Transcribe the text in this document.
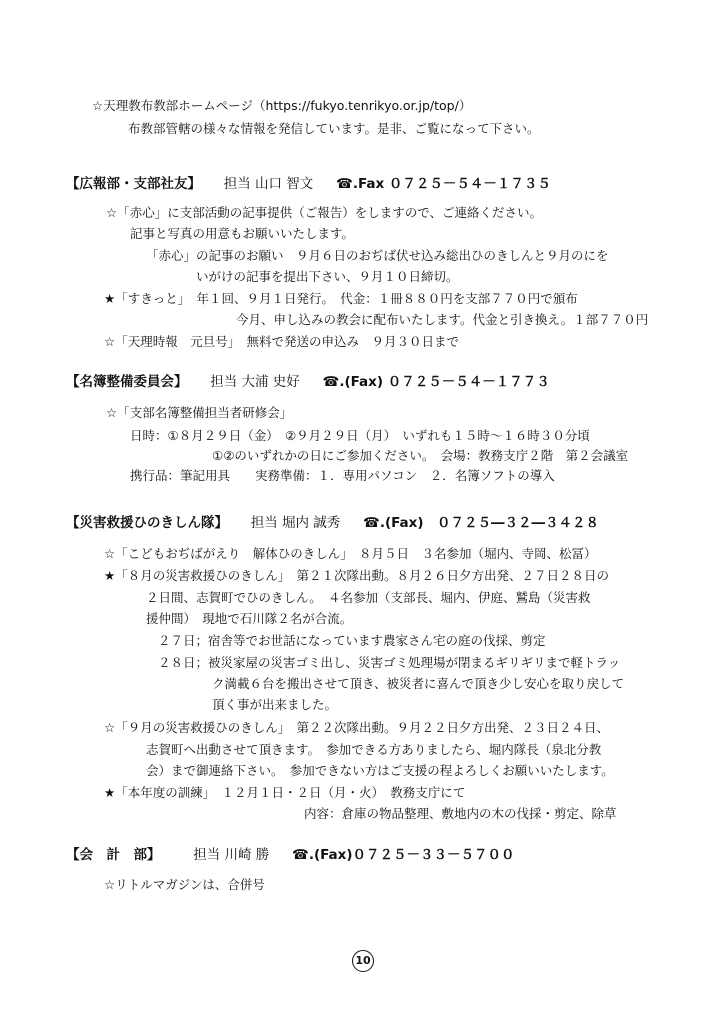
☆天理教布教部ホームページ（https://fukyo.tenrikyo.or.jp/top/）
布教部管轄の様々な情報を発信しています。是非、ご覧になって下さい。
【広報部・支部社友】 担当 山口 智文 ☎.Fax ０７２５－５４－１７３５
☆「赤心」に支部活動の記事提供（ご報告）をしますので、ご連絡ください。
記事と写真の用意もお願いいたします。
「赤心」の記事のお願い　９月６日のおぢば伏せ込み総出ひのきしんと９月のにを
いがけの記事を提出下さい、９月１０日締切。
★「すきっと」　年１回、９月１日発行。　代金：１冊８８０円を支部７７０円で頒布
今月、申し込みの教会に配布いたします。代金と引き換え。１部７７０円
☆「天理時報　元旦号」　無料で発送の申込み　９月３０日まで
【名簿整備委員会】 担当 大浦 史好 ☎.(Fax) ０７２５－５４－１７７３
☆「支部名簿整備担当者研修会」
日時：①８月２９日（金）　②９月２９日（月）　いずれも１５時～１６時３０分頃
①②のいずれかの日にご参加ください。　会場：教務支庁２階　第２会議室
携行品：筆記用具　　実務準備：１．専用パソコン　２．名簿ソフトの導入
【災害救援ひのきしん隊】 担当 堀内 誠秀 ☎.(Fax)　０７２５―３２―３４２８
☆「こどもおぢばがえり　解体ひのきしん」　８月５日　３名参加（堀内、寺岡、松冨）
★「８月の災害救援ひのきしん」　第２１次隊出動。８月２６日夕方出発、２７日２８日の
２日間、志賀町でひのきしん。　４名参加（支部長、堀内、伊庭、鷲島（災害救
援仲間）　現地で石川隊２名が合流。
２７日；宿舎等でお世話になっています農家さん宅の庭の伐採、剪定
２８日；被災家屋の災害ゴミ出し、災害ゴミ処理場が閉まるギリギリまで軽トラッ
ク満載６台を搬出させて頂き、被災者に喜んで頂き少し安心を取り戻して
頂く事が出来ました。
☆「９月の災害救援ひのきしん」　第２２次隊出動。９月２２日夕方出発、２３日２４日、
志賀町へ出動させて頂きます。　参加できる方ありましたら、堀内隊長（泉北分教
会）まで御連絡下さい。　参加できない方はご支援の程よろしくお願いいたします。
★「本年度の訓練」　１２月１日・２日（月・火）　教務支庁にて
内容：倉庫の物品整理、敷地内の木の伐採・剪定、除草
【会　計　部】 担当 川崎 勝 ☎.(Fax)０７２５－３３－５７００
☆リトルマガジンは、合併号
10
